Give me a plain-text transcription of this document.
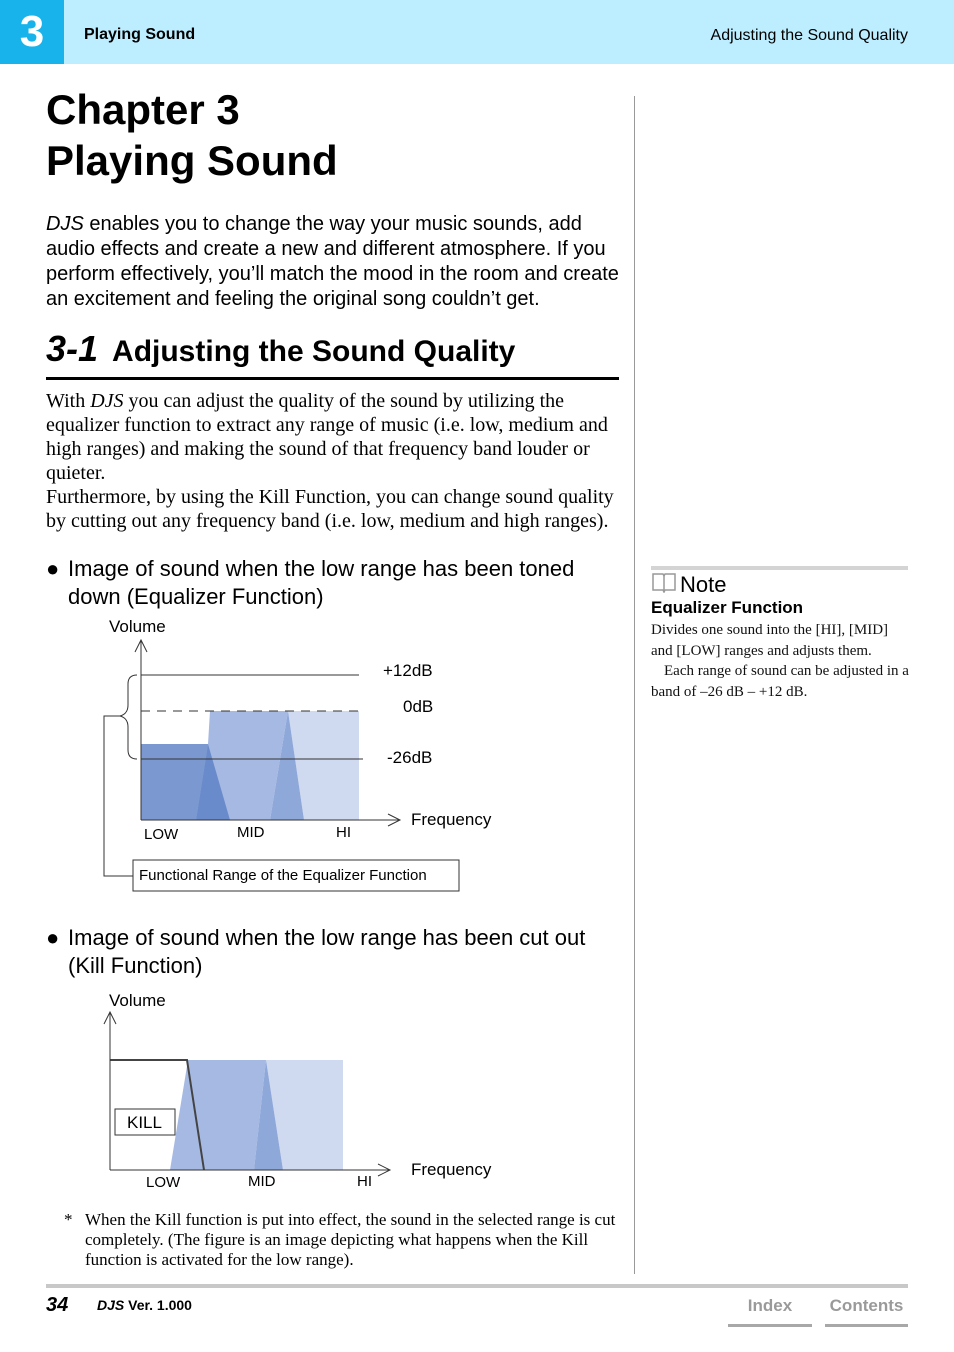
3	Playing Sound	Adjusting the Sound Quality
Chapter 3
Playing Sound
DJS enables you to change the way your music sounds, add audio effects and create a new and different atmosphere. If you perform effectively, you’ll match the mood in the room and create an excitement and feeling the original song couldn’t get.
3-1 Adjusting the Sound Quality
With DJS you can adjust the quality of the sound by utilizing the equalizer function to extract any range of music (i.e. low, medium and high ranges) and making the sound of that frequency band louder or quieter.
Furthermore, by using the Kill Function, you can change sound quality by cutting out any frequency band (i.e. low, medium and high ranges).
● Image of sound when the low range has been toned down (Equalizer Function)
Volume
+12dB
0dB
-26dB
Frequency
LOW	MID	HI
Functional Range of the Equalizer Function
● Image of sound when the low range has been cut out (Kill Function)
KILL
Volume
Frequency
LOW	MID	HI
* When the Kill function is put into effect, the sound in the selected range is cut completely. (The figure is an image depicting what happens when the Kill function is activated for the low range).
Note
Equalizer Function
Divides one sound into the [HI], [MID] and [LOW] ranges and adjusts them.
Each range of sound can be adjusted in a band of –26 dB – +12 dB.
34 DJS Ver. 1.000	Index	Contents
